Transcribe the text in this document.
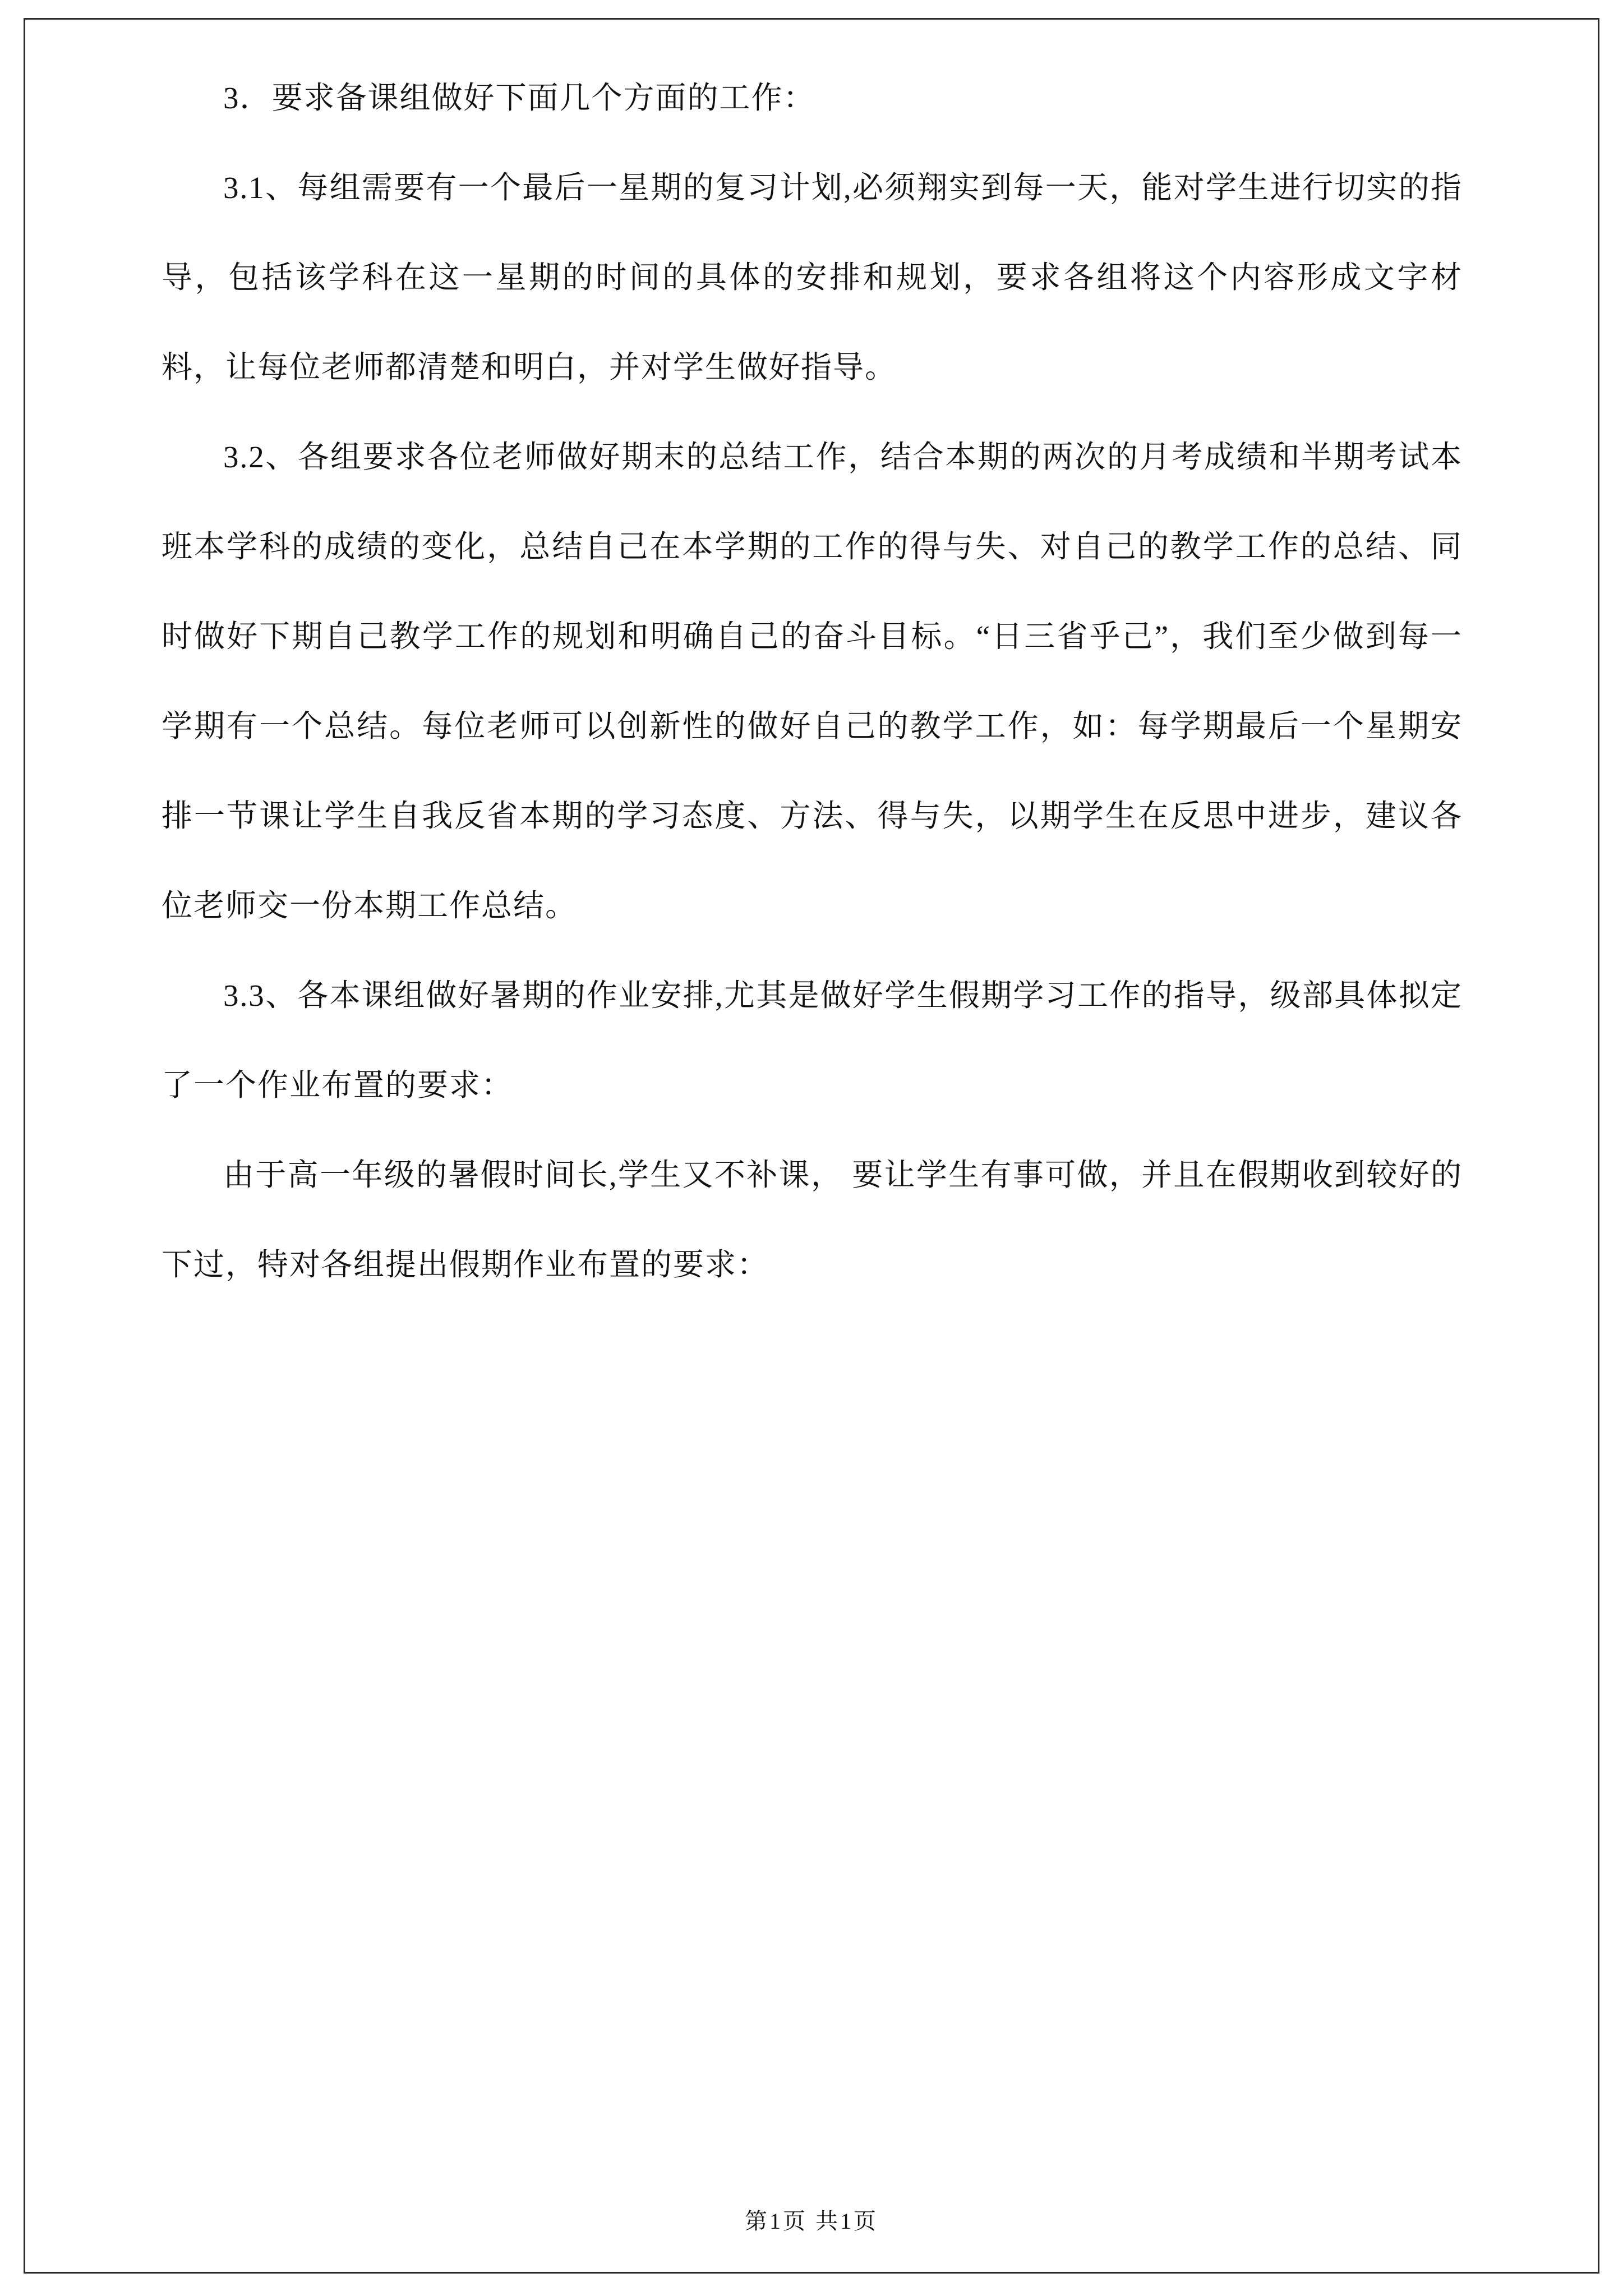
3．要求备课组做好下面几个方面的工作：

3.1、每组需要有一个最后一星期的复习计划,必须翔实到每一天，能对学生进行切实的指导，包括该学科在这一星期的时间的具体的安排和规划，要求各组将这个内容形成文字材料，让每位老师都清楚和明白，并对学生做好指导。

3.2、各组要求各位老师做好期末的总结工作，结合本期的两次的月考成绩和半期考试本班本学科的成绩的变化，总结自己在本学期的工作的得与失、对自己的教学工作的总结、同时做好下期自己教学工作的规划和明确自己的奋斗目标。“日三省乎己”，我们至少做到每一学期有一个总结。每位老师可以创新性的做好自己的教学工作，如：每学期最后一个星期安排一节课让学生自我反省本期的学习态度、方法、得与失，以期学生在反思中进步，建议各位老师交一份本期工作总结。

3.3、各本课组做好暑期的作业安排,尤其是做好学生假期学习工作的指导，级部具体拟定了一个作业布置的要求：

由于高一年级的暑假时间长,学生又不补课， 要让学生有事可做，并且在假期收到较好的下过，特对各组提出假期作业布置的要求：

第1页 共1页
